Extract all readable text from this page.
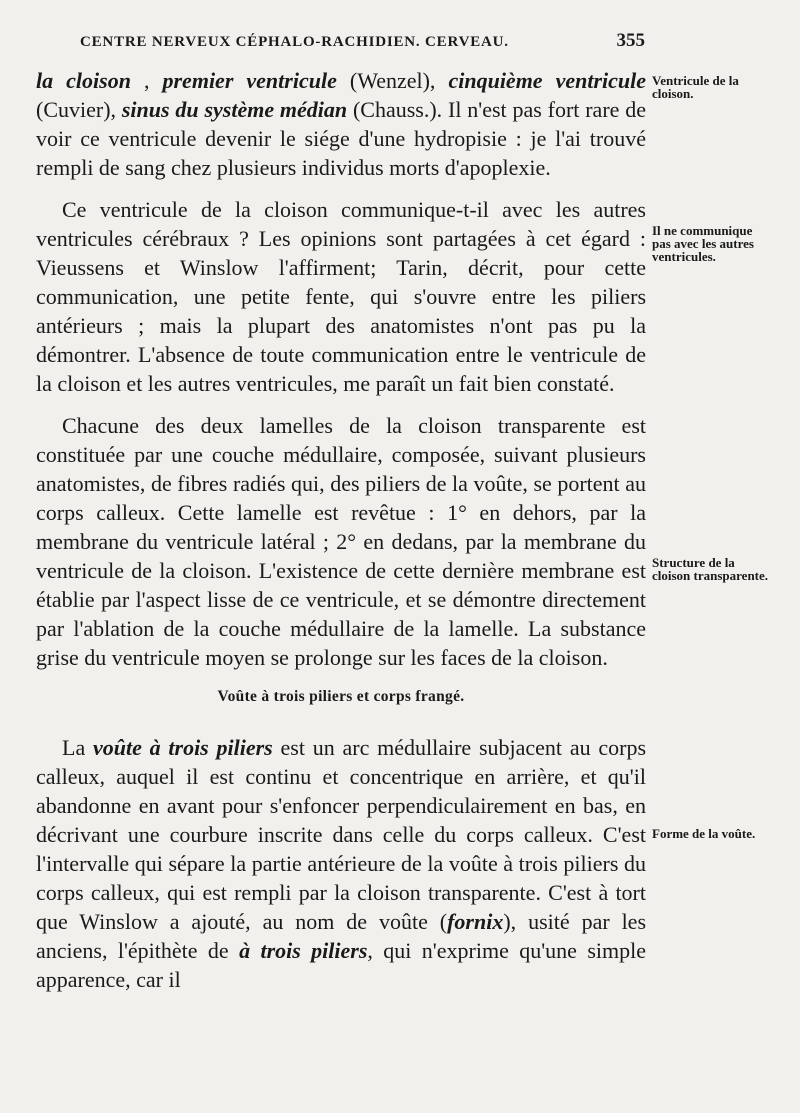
CENTRE NERVEUX CÉPHALO-RACHIDIEN. CERVEAU.	355

la cloison , premier ventricule (Wenzel), cinquième ventricule (Cuvier), sinus du système médian (Chauss.). Il n'est pas fort rare de voir ce ventricule devenir le siége d'une hydropisie : je l'ai trouvé rempli de sang chez plusieurs individus morts d'apoplexie.

Ce ventricule de la cloison communique-t-il avec les autres ventricules cérébraux ? Les opinions sont partagées à cet égard : Vieussens et Winslow l'affirment; Tarin, décrit, pour cette communication, une petite fente, qui s'ouvre entre les piliers antérieurs ; mais la plupart des anatomistes n'ont pas pu la démontrer. L'absence de toute communication entre le ventricule de la cloison et les autres ventricules, me paraît un fait bien constaté.

Chacune des deux lamelles de la cloison transparente est constituée par une couche médullaire, composée, suivant plusieurs anatomistes, de fibres radiés qui, des piliers de la voûte, se portent au corps calleux. Cette lamelle est revêtue : 1° en dehors, par la membrane du ventricule latéral ; 2° en dedans, par la membrane du ventricule de la cloison. L'existence de cette dernière membrane est établie par l'aspect lisse de ce ventricule, et se démontre directement par l'ablation de la couche médullaire de la lamelle. La substance grise du ventricule moyen se prolonge sur les faces de la cloison.

Voûte à trois piliers et corps frangé.

La voûte à trois piliers est un arc médullaire subjacent au corps calleux, auquel il est continu et concentrique en arrière, et qu'il abandonne en avant pour s'enfoncer perpendiculairement en bas, en décrivant une courbure inscrite dans celle du corps calleux. C'est l'intervalle qui sépare la partie antérieure de la voûte à trois piliers du corps calleux, qui est rempli par la cloison transparente. C'est à tort que Winslow a ajouté, au nom de voûte (fornix), usité par les anciens, l'épithète de à trois piliers, qui n'exprime qu'une simple apparence, car il

Ventricule de la cloison.
Il ne communique pas avec les autres ventricules.
Structure de la cloison transparente.
Forme de la voûte.
